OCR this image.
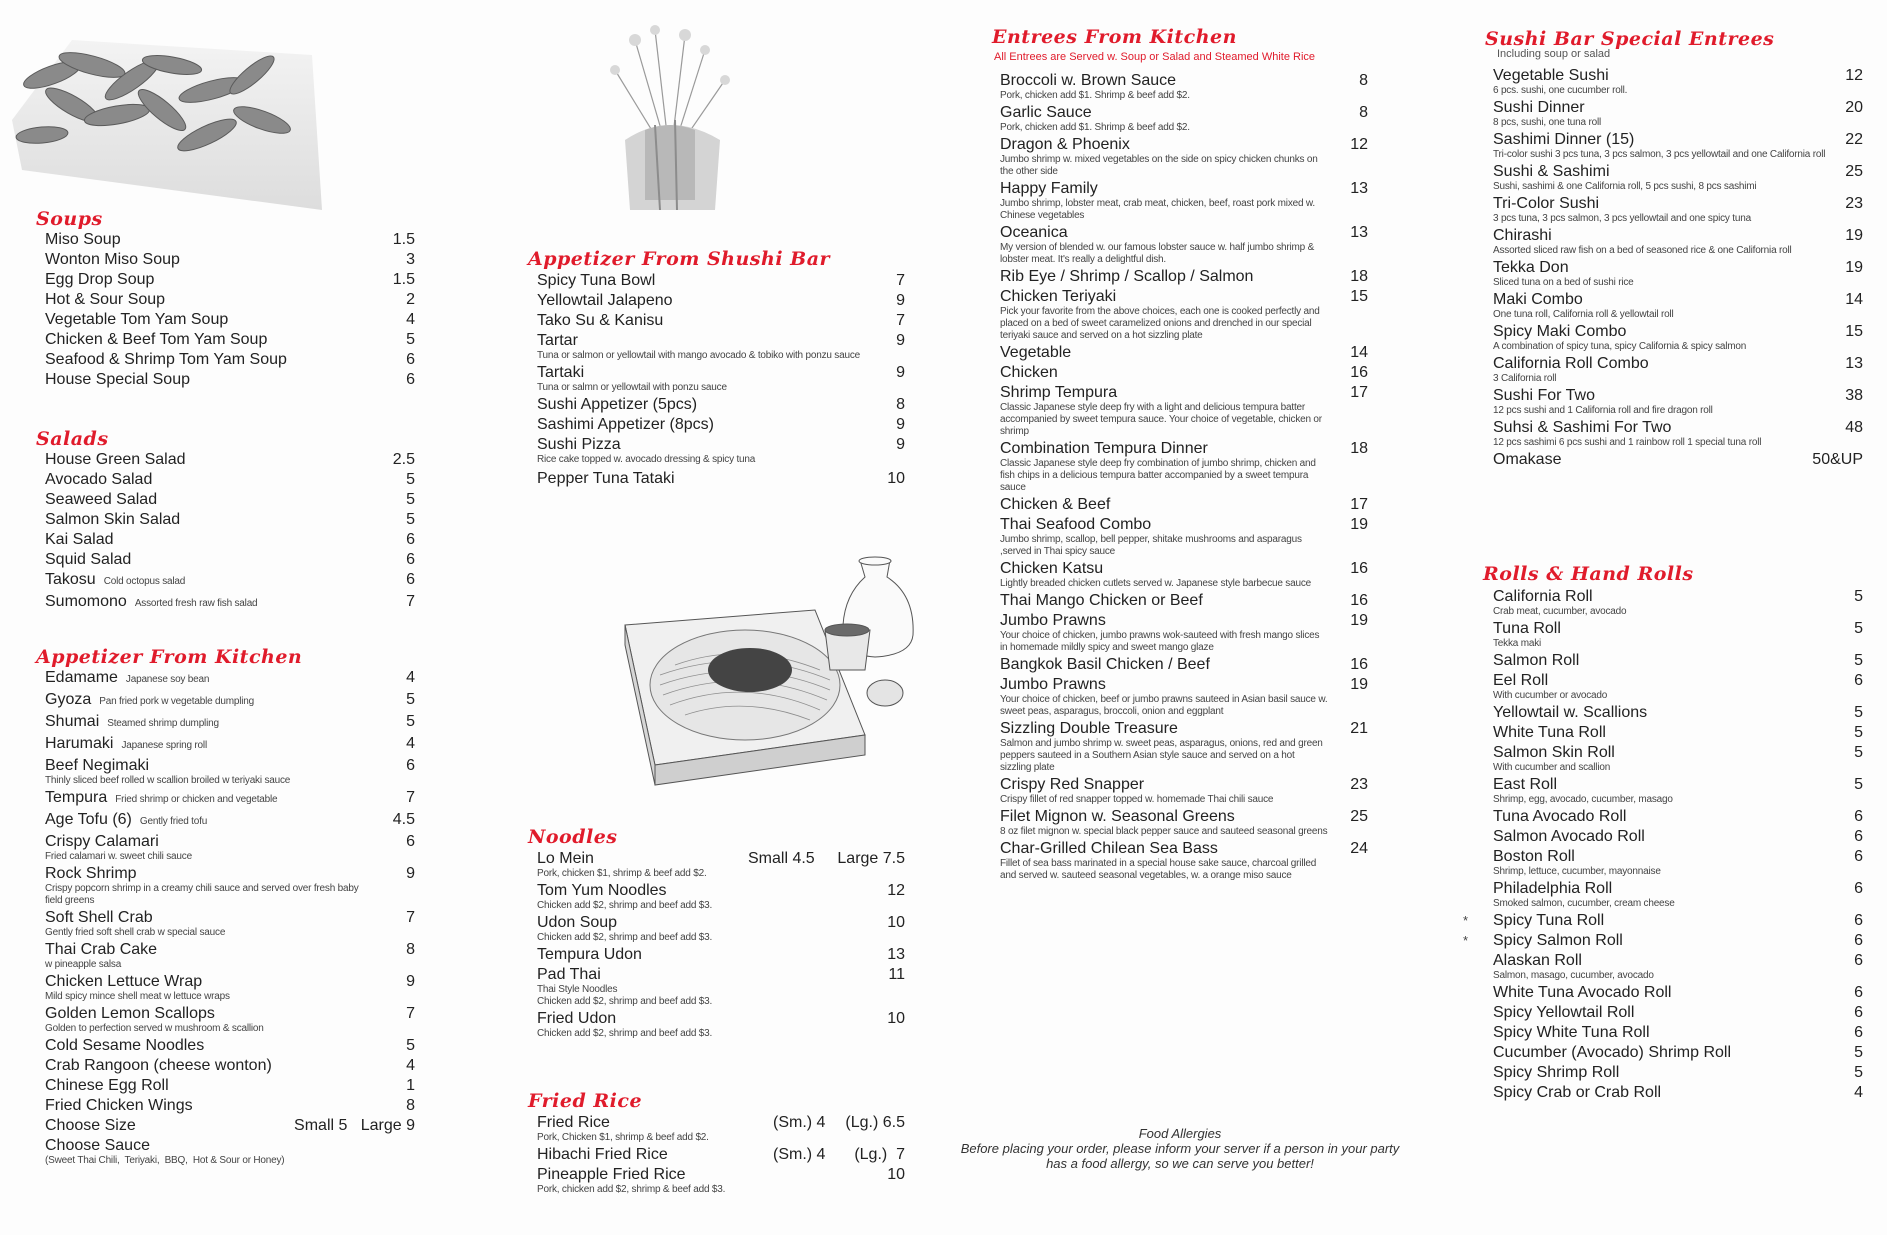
Soups
Miso Soup	1.5
Wonton Miso Soup	3
Egg Drop Soup	1.5
Hot & Sour Soup	2
Vegetable Tom Yam Soup	4
Chicken & Beef Tom Yam Soup	5
Seafood & Shrimp Tom Yam Soup	6
House Special Soup	6
Salads
House Green Salad	2.5
Avocado Salad	5
Seaweed Salad	5
Salmon Skin Salad	5
Kai Salad	6
Squid Salad	6
Takosu Cold octopus salad	6
Sumomono Assorted fresh raw fish salad	7
Appetizer From Kitchen
Edamame Japanese soy bean	4
Gyoza Pan fried pork w vegetable dumpling	5
Shumai Steamed shrimp dumpling	5
Harumaki Japanese spring roll	4
Beef Negimaki
Thinly sliced beef rolled w scallion broiled w teriyaki sauce
6
Tempura Fried shrimp or chicken and vegetable	7
Age Tofu (6) Gently fried tofu	4.5
Crispy Calamari
Fried calamari w. sweet chili sauce
6
Rock Shrimp
Crispy popcorn shrimp in a creamy chili sauce and served over fresh baby field greens
9
Soft Shell Crab
Gently fried soft shell crab w special sauce
7
Thai Crab Cake
w pineapple salsa
8
Chicken Lettuce Wrap
Mild spicy mince shell meat w lettuce wraps
9
Golden Lemon Scallops
Golden to perfection served w mushroom & scallion
7
Cold Sesame Noodles	5
Crab Rangoon (cheese wonton)	4
Chinese Egg Roll	1
Fried Chicken Wings	8
Choose Size	Small 5   Large 9
Choose Sauce
(Sweet Thai Chili,  Teriyaki,  BBQ,  Hot & Sour or Honey)
Appetizer From Shushi Bar
Spicy Tuna Bowl	7
Yellowtail Jalapeno	9
Tako Su & Kanisu	7
Tartar
Tuna or salmon or yellowtail with mango avocado & tobiko with ponzu sauce
9
Tartaki
Tuna or salmn or yellowtail with ponzu sauce
9
Sushi Appetizer (5pcs)	8
Sashimi Appetizer (8pcs)	9
Sushi Pizza
Rice cake topped w. avocado dressing & spicy tuna
9
Pepper Tuna Tataki	10
Noodles
Lo Mein
Pork, chicken $1, shrimp & beef add $2.
Small 4.5 Large 7.5
Tom Yum Noodles
Chicken add $2, shrimp and beef add $3.
12
Udon Soup
Chicken add $2, shrimp and beef add $3.
10
Tempura Udon	13
Pad Thai
Thai Style Noodles
Chicken add $2, shrimp and beef add $3.
11
Fried Udon
Chicken add $2, shrimp and beef add $3.
10
Fried Rice
Fried Rice
Pork, Chicken $1, shrimp & beef add $2.
(Sm.) 4 (Lg.) 6.5
Hibachi Fried Rice	(Sm.) 4 (Lg.)  7
Pineapple Fried Rice
Pork, chicken add $2, shrimp & beef add $3.
10
Entrees From Kitchen
All Entrees are Served w. Soup or Salad and Steamed White Rice
Broccoli w. Brown Sauce
Pork, chicken add $1. Shrimp & beef add $2.
8
Garlic Sauce
Pork, chicken add $1. Shrimp & beef add $2.
8
Dragon & Phoenix
Jumbo shrimp w. mixed vegetables on the side on spicy chicken chunks on the other side
12
Happy Family
Jumbo shrimp, lobster meat, crab meat, chicken, beef, roast pork mixed w. Chinese vegetables
13
Oceanica
My version of blended w. our famous lobster sauce w. half jumbo shrimp & lobster meat. It's really a delightful dish.
13
Rib Eye / Shrimp / Scallop / Salmon	18
Chicken Teriyaki
Pick your favorite from the above choices, each one is cooked perfectly and placed on a bed of sweet caramelized onions and drenched in our special teriyaki sauce and served on a hot sizzling plate
15
Vegetable	14
Chicken	16
Shrimp Tempura
Classic Japanese style deep fry with a light and delicious tempura batter accompanied by sweet tempura sauce. Your choice of vegetable, chicken or shrimp
17
Combination Tempura Dinner
Classic Japanese style deep fry combination of jumbo shrimp, chicken and fish chips in a delicious tempura batter accompanied by a sweet tempura sauce
18
Chicken & Beef	17
Thai Seafood Combo
Jumbo shrimp, scallop, bell pepper, shitake mushrooms and asparagus ,served in Thai spicy sauce
19
Chicken Katsu
Lightly breaded chicken cutlets served w. Japanese style barbecue sauce
16
Thai Mango Chicken or Beef	16
Jumbo Prawns
Your choice of chicken, jumbo prawns wok-sauteed with fresh mango slices in homemade mildly spicy and sweet mango glaze
19
Bangkok Basil Chicken / Beef	16
Jumbo Prawns
Your choice of chicken, beef or jumbo prawns sauteed in Asian basil sauce w. sweet peas, asparagus, broccoli, onion and eggplant
19
Sizzling Double Treasure
Salmon and jumbo shrimp w. sweet peas, asparagus, onions, red and green peppers sauteed in a Southern Asian style sauce and served on a hot sizzling plate
21
Crispy Red Snapper
Crispy fillet of red snapper topped w. homemade Thai chili sauce
23
Filet Mignon w. Seasonal Greens
8 oz filet mignon w. special black pepper sauce and sauteed seasonal greens
25
Char-Grilled Chilean Sea Bass
Fillet of sea bass marinated in a special house sake sauce, charcoal grilled and served w. sauteed seasonal vegetables, w. a orange miso sauce
24
Food Allergies
Before placing your order, please inform your server if a person in your party has a food allergy, so we can serve you better!
Sushi Bar Special Entrees
Including soup or salad
Vegetable Sushi
6 pcs. sushi, one cucumber roll.
12
Sushi Dinner
8 pcs, sushi, one tuna roll
20
Sashimi Dinner (15)
Tri-color sushi 3 pcs tuna, 3 pcs salmon, 3 pcs yellowtail and one California roll
22
Sushi & Sashimi
Sushi, sashimi & one California roll, 5 pcs sushi, 8 pcs sashimi
25
Tri-Color Sushi
3 pcs tuna, 3 pcs salmon, 3 pcs yellowtail and one spicy tuna
23
Chirashi
Assorted sliced raw fish on a bed of seasoned rice & one California roll
19
Tekka Don
Sliced tuna on a bed of sushi rice
19
Maki Combo
One tuna roll, California roll & yellowtail roll
14
Spicy Maki Combo
A combination of spicy tuna, spicy California & spicy salmon
15
California Roll Combo
3 California roll
13
Sushi For Two
12 pcs sushi and 1 California roll and fire dragon roll
38
Suhsi & Sashimi For Two
12 pcs sashimi 6 pcs sushi and 1 rainbow roll 1 special tuna roll
48
Omakase	50&UP
Rolls & Hand Rolls
California Roll
Crab meat, cucumber, avocado
5
Tuna Roll
Tekka maki
5
Salmon Roll	5
Eel Roll
With cucumber or avocado
6
Yellowtail w. Scallions	5
White Tuna Roll	5
Salmon Skin Roll
With cucumber and scallion
5
East Roll
Shrimp, egg, avocado, cucumber, masago
5
Tuna Avocado Roll	6
Salmon Avocado Roll	6
Boston Roll
Shrimp, lettuce, cucumber, mayonnaise
6
Philadelphia Roll
Smoked salmon, cucumber, cream cheese
6
* Spicy Tuna Roll	6
* Spicy Salmon Roll	6
Alaskan Roll
Salmon, masago, cucumber, avocado
6
White Tuna Avocado Roll	6
Spicy Yellowtail Roll	6
Spicy White Tuna Roll	6
Cucumber (Avocado) Shrimp Roll	5
Spicy Shrimp Roll	5
Spicy Crab or Crab Roll	4
